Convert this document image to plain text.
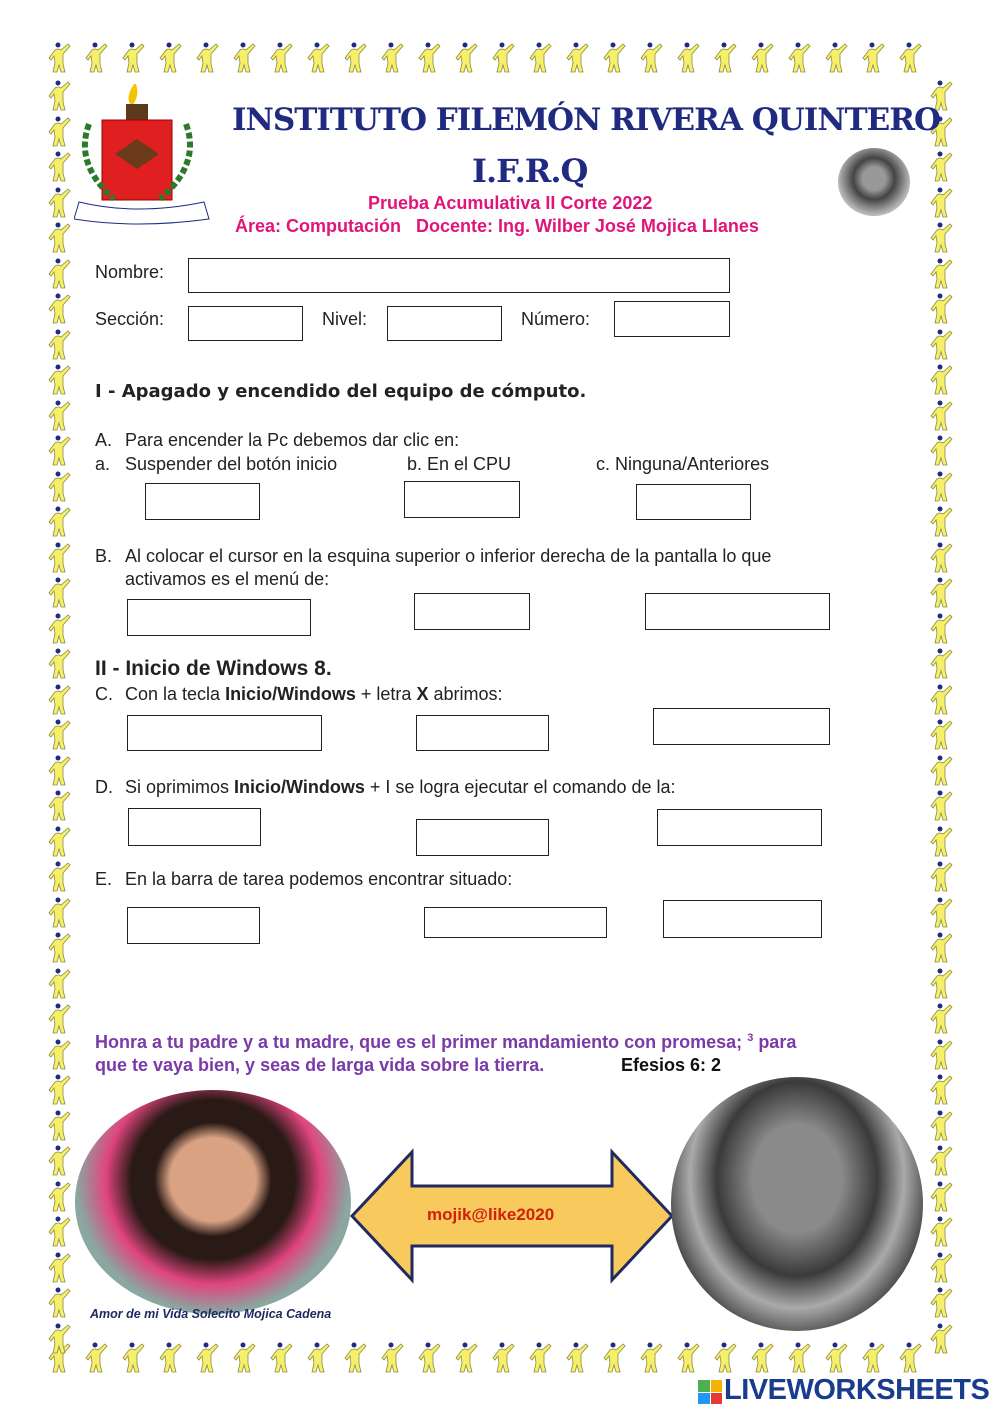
INSTITUTO FILEMÓN RIVERA QUINTERO
I.F.R.Q
Prueba Acumulativa II Corte 2022
Área: Computación   Docente: Ing. Wilber José Mojica Llanes
Nombre:
Sección:	Nivel:	Número:
I - Apagado y encendido del equipo de cómputo.
A. Para encender la Pc debemos dar clic en:
a. Suspender del botón inicio	b. En el CPU	c. Ninguna/Anteriores
B. Al colocar el cursor en la esquina superior o inferior derecha de la pantalla lo que
activamos es el menú de:
II - Inicio de Windows 8.
C. Con la tecla Inicio/Windows + letra X abrimos:
D. Si oprimimos Inicio/Windows + I se logra ejecutar el comando de la:
E. En la barra de tarea podemos encontrar situado:
Honra a tu padre y a tu madre, que es el primer mandamiento con promesa; $^3$ para
que te vaya bien, y seas de larga vida sobre la tierra.	Efesios 6: 2
Amor de mi Vida Solecito Mojica Cadena
mojik@like2020
LIVEWORKSHEETS
